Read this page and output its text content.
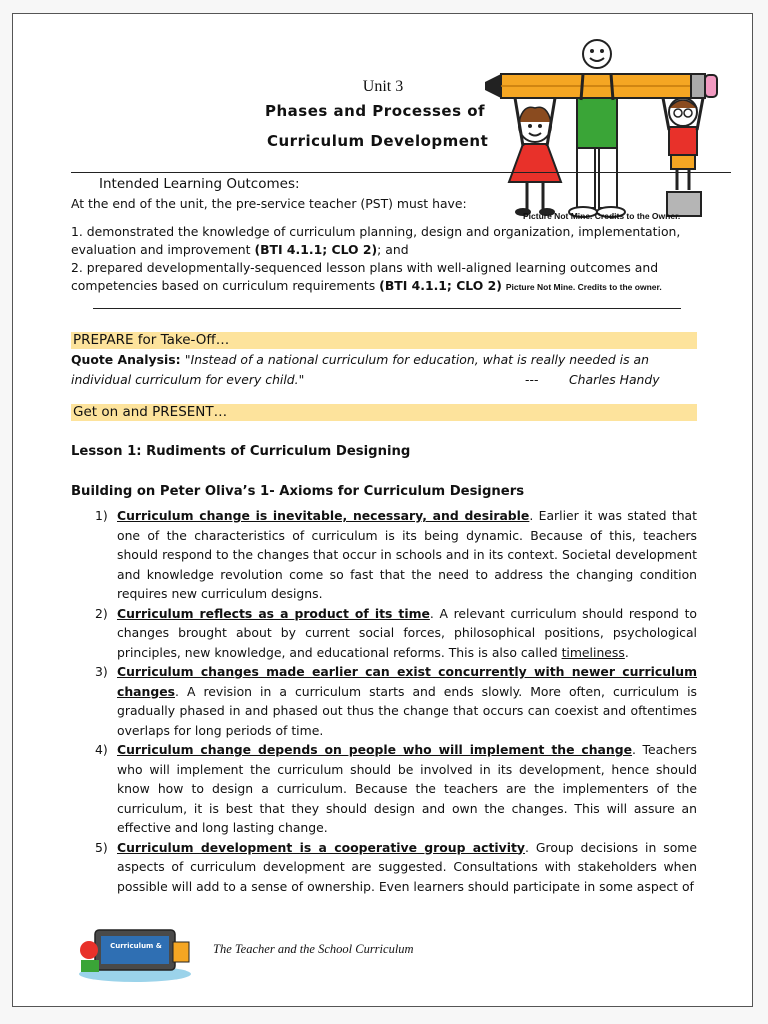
Unit 3
Phases and Processes of
Curriculum Development
Intended Learning Outcomes:
At the end of the unit, the pre-service teacher (PST) must have:
Picture Not Mine. Credits to the Owner.
1. demonstrated the knowledge of curriculum planning, design and organization, implementation, evaluation and improvement (BTI 4.1.1; CLO 2); and
2. prepared developmentally-sequenced lesson plans with well-aligned learning outcomes and competencies based on curriculum requirements (BTI 4.1.1; CLO 2) Picture Not Mine. Credits to the owner.
PREPARE for Take-Off…
Quote Analysis: "Instead of a national curriculum for education, what is really needed is an
individual curriculum for every child."	--- Charles Handy
Get on and PRESENT…
Lesson 1: Rudiments of Curriculum Designing
Building on Peter Oliva’s 1- Axioms for Curriculum Designers
1) Curriculum change is inevitable, necessary, and desirable. Earlier it was stated that one of the characteristics of curriculum is its being dynamic. Because of this, teachers should respond to the changes that occur in schools and in its context. Societal development and knowledge revolution come so fast that the need to address the changing condition requires new curriculum designs.
2) Curriculum reflects as a product of its time. A relevant curriculum should respond to changes brought about by current social forces, philosophical positions, psychological principles, new knowledge, and educational reforms. This is also called timeliness.
3) Curriculum changes made earlier can exist concurrently with newer curriculum changes. A revision in a curriculum starts and ends slowly. More often, curriculum is gradually phased in and phased out thus the change that occurs can coexist and oftentimes overlaps for long periods of time.
4) Curriculum change depends on people who will implement the change. Teachers who will implement the curriculum should be involved in its development, hence should know how to design a curriculum. Because the teachers are the implementers of the curriculum, it is best that they should design and own the changes. This will assure an effective and long lasting change.
5) Curriculum development is a cooperative group activity. Group decisions in some aspects of curriculum development are suggested. Consultations with stakeholders when possible will add to a sense of ownership. Even learners should participate in some aspect of
Curriculum &	The Teacher and the School Curriculum
